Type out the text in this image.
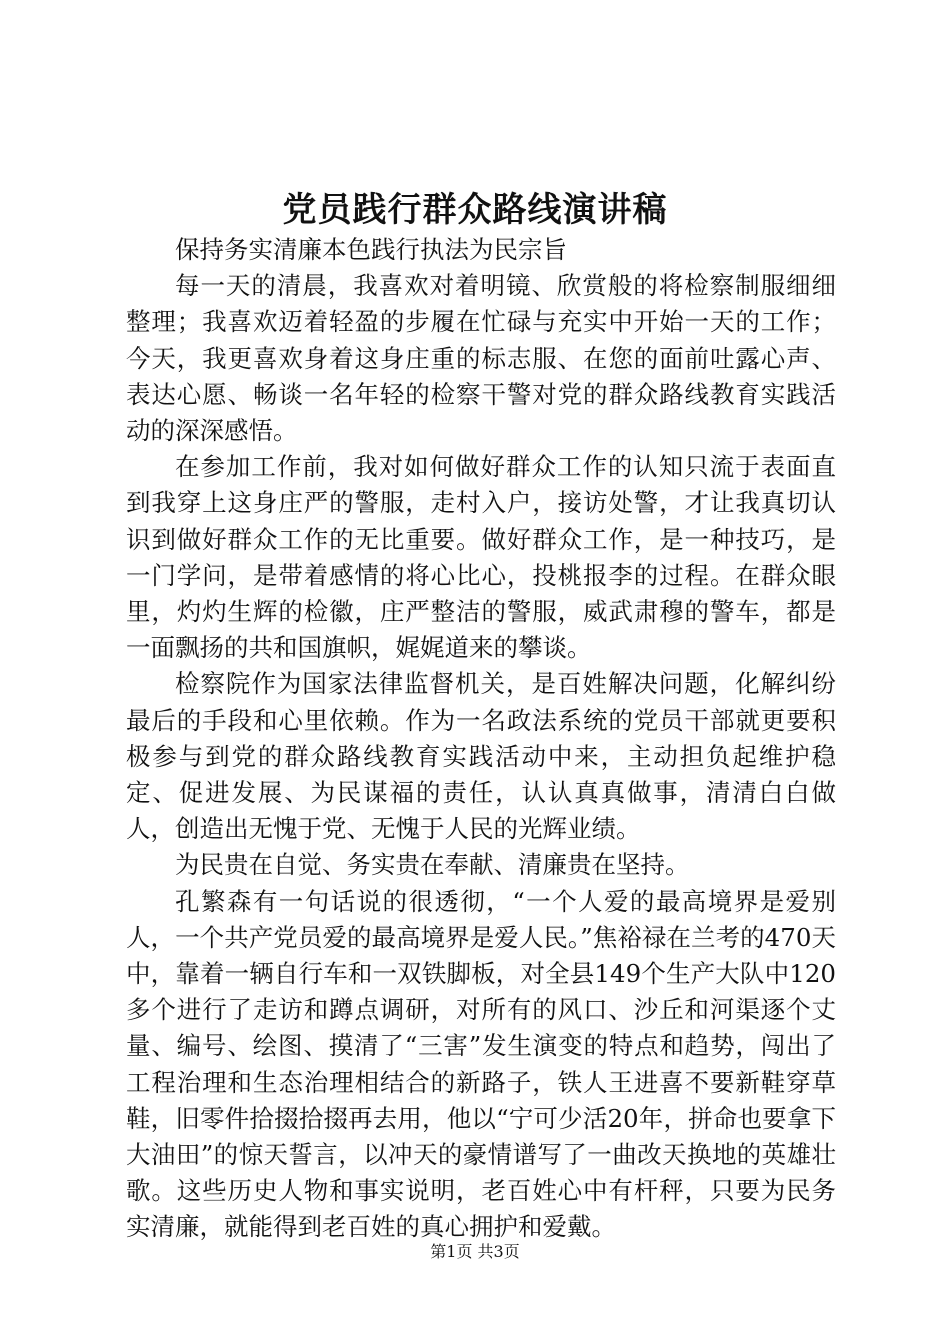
党员践行群众路线演讲稿

保持务实清廉本色践行执法为民宗旨

每一天的清晨，我喜欢对着明镜、欣赏般的将检察制服细细整理；我喜欢迈着轻盈的步履在忙碌与充实中开始一天的工作；今天，我更喜欢身着这身庄重的标志服、在您的面前吐露心声、表达心愿、畅谈一名年轻的检察干警对党的群众路线教育实践活动的深深感悟。

在参加工作前，我对如何做好群众工作的认知只流于表面直到我穿上这身庄严的警服，走村入户，接访处警，才让我真切认识到做好群众工作的无比重要。做好群众工作，是一种技巧，是一门学问，是带着感情的将心比心，投桃报李的过程。在群众眼里，灼灼生辉的检徽，庄严整洁的警服，威武肃穆的警车，都是一面飘扬的共和国旗帜，娓娓道来的攀谈。

检察院作为国家法律监督机关，是百姓解决问题，化解纠纷最后的手段和心里依赖。作为一名政法系统的党员干部就更要积极参与到党的群众路线教育实践活动中来，主动担负起维护稳定、促进发展、为民谋福的责任，认认真真做事，清清白白做人，创造出无愧于党、无愧于人民的光辉业绩。

为民贵在自觉、务实贵在奉献、清廉贵在坚持。

孔繁森有一句话说的很透彻，“一个人爱的最高境界是爱别人，一个共产党员爱的最高境界是爱人民。”焦裕禄在兰考的470天中，靠着一辆自行车和一双铁脚板，对全县149个生产大队中120多个进行了走访和蹲点调研，对所有的风口、沙丘和河渠逐个丈量、编号、绘图、摸清了“三害”发生演变的特点和趋势，闯出了工程治理和生态治理相结合的新路子，铁人王进喜不要新鞋穿草鞋，旧零件拾掇拾掇再去用，他以“宁可少活20年，拼命也要拿下大油田”的惊天誓言，以冲天的豪情谱写了一曲改天换地的英雄壮歌。这些历史人物和事实说明，老百姓心中有杆秤，只要为民务实清廉，就能得到老百姓的真心拥护和爱戴。

第1页 共3页
